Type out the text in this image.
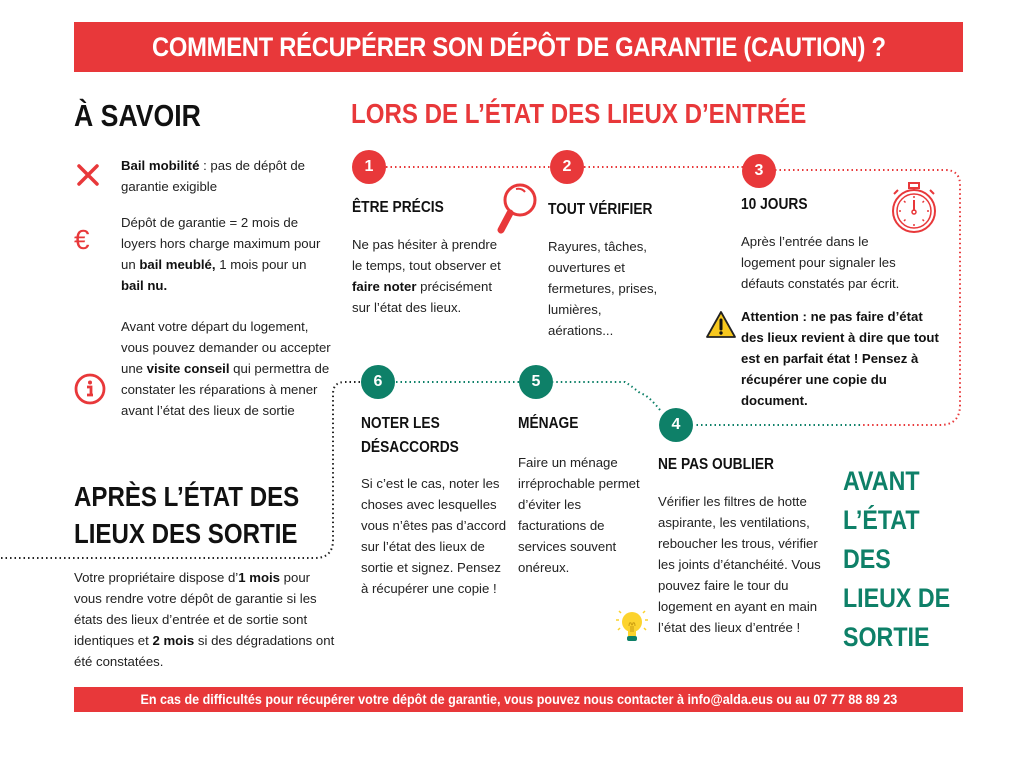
COMMENT RÉCUPÉRER SON DÉPÔT DE GARANTIE (CAUTION) ?
À SAVOIR
Bail mobilité : pas de dépôt de garantie exigible
€
Dépôt de garantie = 2 mois de loyers hors charge maximum pour un bail meublé, 1 mois pour un bail nu.
Avant votre départ du logement, vous pouvez demander ou accepter une visite conseil qui permettra de constater les réparations à mener avant l’état des lieux de sortie
APRÈS L’ÉTAT DES
LIEUX DES SORTIE
Votre propriétaire dispose d’1 mois pour vous rendre votre dépôt de garantie si les états des lieux d’entrée et de sortie sont identiques et 2 mois si des dégradations ont été constatées.
LORS DE L’ÉTAT DES LIEUX D’ENTRÉE
1
ÊTRE PRÉCIS
Ne pas hésiter à prendre le temps, tout observer et faire noter précisément sur l’état des lieux.
2
TOUT VÉRIFIER
Rayures, tâches, ouvertures et fermetures, prises, lumières, aérations...
3
10 JOURS
Après l’entrée dans le logement pour signaler les défauts constatés par écrit.
Attention : ne pas faire d’état des lieux revient à dire que tout est en parfait état ! Pensez à récupérer une copie du document.
6
NOTER LES
DÉSACCORDS
Si c’est le cas, noter les choses avec lesquelles vous n’êtes pas d’accord sur l’état des lieux de sortie et signez. Pensez à récupérer une copie !
5
MÉNAGE
Faire un ménage irréprochable permet d’éviter les facturations de services souvent onéreux.
4
NE PAS OUBLIER
Vérifier les filtres de hotte aspirante, les ventilations, reboucher les trous, vérifier les joints d’étanchéité. Vous pouvez faire le tour du logement en ayant en main l’état des lieux d’entrée !
AVANT
L’ÉTAT
DES
LIEUX DE
SORTIE
En cas de difficultés pour récupérer votre dépôt de garantie, vous pouvez nous contacter à info@alda.eus ou au 07 77 88 89 23
